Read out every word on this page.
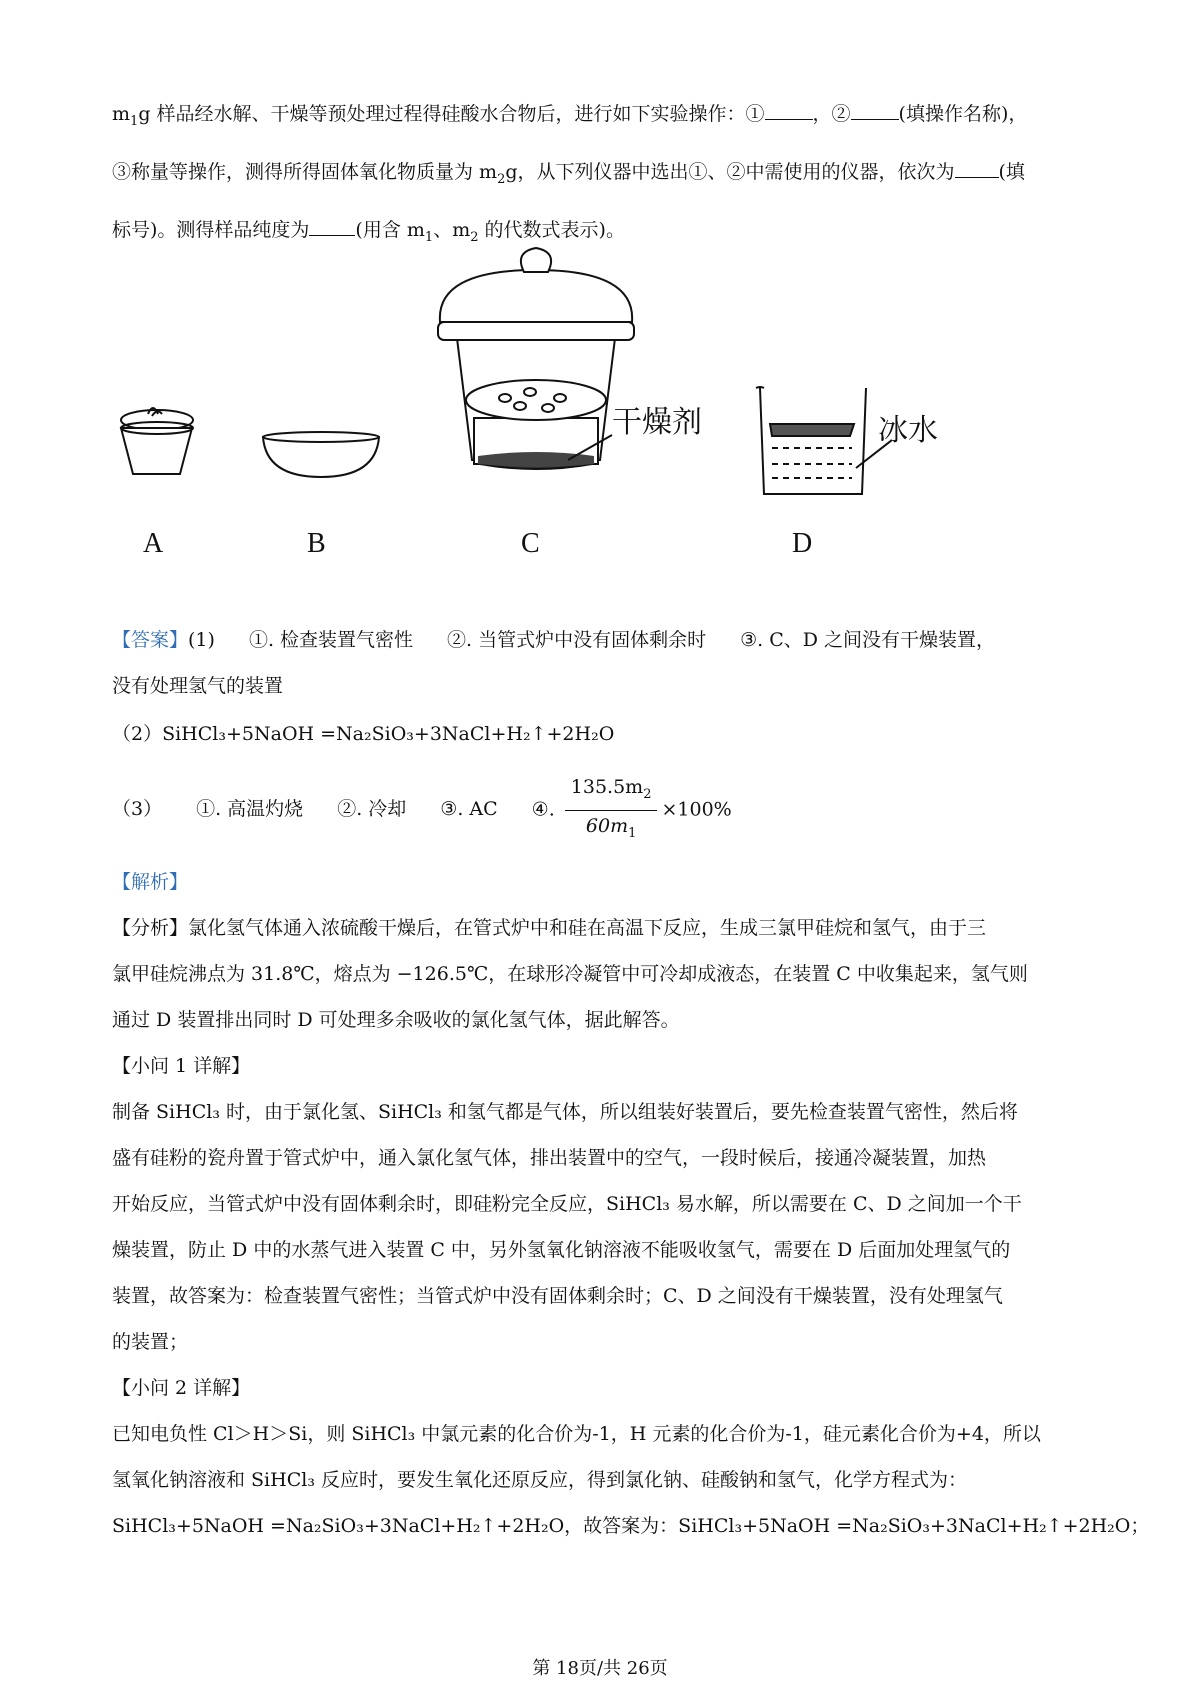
$m_1g$ 样品经水解、干燥等预处理过程得硅酸水合物后，进行如下实验操作：①	，②	(填操作名称)，
③称量等操作，测得所得固体氧化物质量为 $m_2g$，从下列仪器中选出①、②中需使用的仪器，依次为 (填
标号)。测得样品纯度为 (用含 $m_1$、$m_2$ 的代数式表示)。
干燥剂	冰水
A	B	C	D
【答案】(1) ①. 检查装置气密性 ②. 当管式炉中没有固体剩余时 ③. C、D 之间没有干燥装置，
没有处理氢气的装置
（2）SiHCl₃+5NaOH =Na₂SiO₃+3NaCl+H₂↑+2H₂O
（3） ①. 高温灼烧 ②. 冷却 ③. AC ④. $\frac{135.5m_2}{60m_1} \times 100\%$
【解析】
【分析】氯化氢气体通入浓硫酸干燥后，在管式炉中和硅在高温下反应，生成三氯甲硅烷和氢气，由于三
氯甲硅烷沸点为 31.8℃，熔点为 −126.5℃，在球形冷凝管中可冷却成液态，在装置 C 中收集起来，氢气则
通过 D 装置排出同时 D 可处理多余吸收的氯化氢气体，据此解答。
【小问 1 详解】
制备 SiHCl₃ 时，由于氯化氢、SiHCl₃ 和氢气都是气体，所以组装好装置后，要先检查装置气密性，然后将
盛有硅粉的瓷舟置于管式炉中，通入氯化氢气体，排出装置中的空气，一段时候后，接通冷凝装置，加热
开始反应，当管式炉中没有固体剩余时，即硅粉完全反应，SiHCl₃ 易水解，所以需要在 C、D 之间加一个干
燥装置，防止 D 中的水蒸气进入装置 C 中，另外氢氧化钠溶液不能吸收氢气，需要在 D 后面加处理氢气的
装置，故答案为：检查装置气密性；当管式炉中没有固体剩余时；C、D 之间没有干燥装置，没有处理氢气
的装置；
【小问 2 详解】
已知电负性 Cl＞H＞Si，则 SiHCl₃ 中氯元素的化合价为-1，H 元素的化合价为-1，硅元素化合价为+4，所以
氢氧化钠溶液和 SiHCl₃ 反应时，要发生氧化还原反应，得到氯化钠、硅酸钠和氢气，化学方程式为：
SiHCl₃+5NaOH =Na₂SiO₃+3NaCl+H₂↑+2H₂O，故答案为：SiHCl₃+5NaOH =Na₂SiO₃+3NaCl+H₂↑+2H₂O；
第 18页/共 26页
